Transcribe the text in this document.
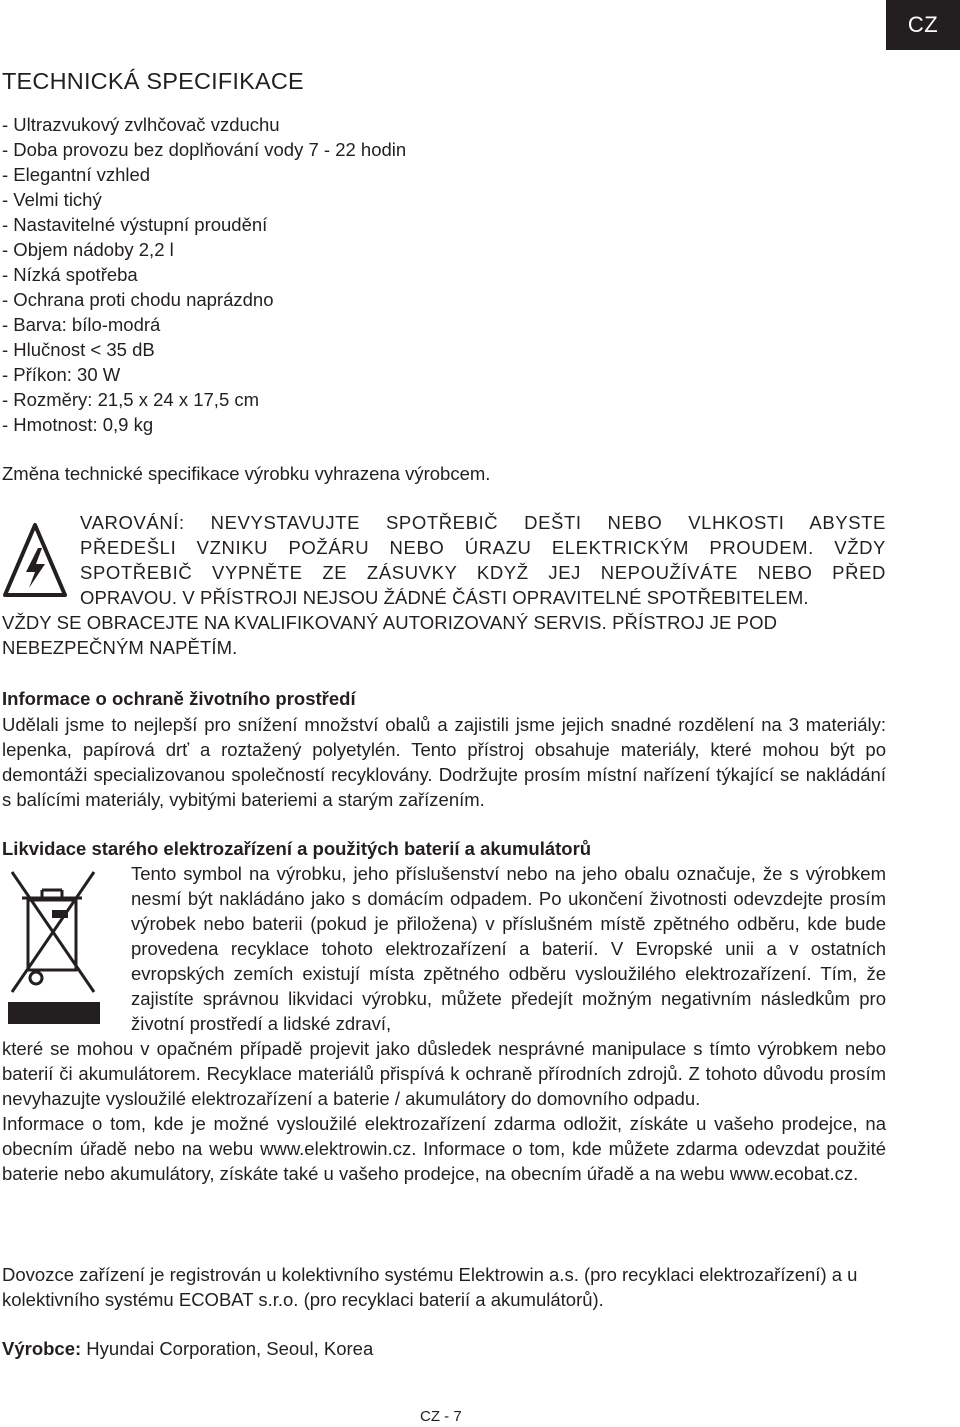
CZ
TECHNICKÁ SPECIFIKACE
- Ultrazvukový zvlhčovač vzduchu
- Doba provozu bez doplňování vody 7 - 22 hodin
- Elegantní vzhled
- Velmi tichý
- Nastavitelné výstupní proudění
- Objem nádoby 2,2 l
- Nízká spotřeba
- Ochrana proti chodu naprázdno
- Barva: bílo-modrá
- Hlučnost < 35 dB
- Příkon: 30 W
- Rozměry: 21,5 x 24 x 17,5 cm
- Hmotnost: 0,9 kg

Změna technické specifikace výrobku vyhrazena výrobcem.

VAROVÁNÍ: NEVYSTAVUJTE SPOTŘEBIČ DEŠTI NEBO VLHKOSTI ABYSTE
PŘEDEŠLI VZNIKU POŽÁRU NEBO ÚRAZU ELEKTRICKÝM PROUDEM. VŽDY
SPOTŘEBIČ VYPNĚTE ZE ZÁSUVKY KDYŽ JEJ NEPOUŽÍVÁTE NEBO PŘED
OPRAVOU. V PŘÍSTROJI NEJSOU ŽÁDNÉ ČÁSTI OPRAVITELNÉ SPOTŘEBITELEM.
VŽDY SE OBRACEJTE NA KVALIFIKOVANÝ AUTORIZOVANÝ SERVIS. PŘÍSTROJ JE POD
NEBEZPEČNÝM NAPĚTÍM.
Informace o ochraně životního prostředí

Udělali jsme to nejlepší pro snížení množství obalů a zajistili jsme jejich snadné rozdělení na 3 materiály: lepenka, papírová drť a roztažený polyetylén. Tento přístroj obsahuje materiály, které mohou být po demontáži specializovanou společností recyklovány. Dodržujte prosím místní nařízení týkající se nakládání s balícími materiály, vybitými bateriemi a starým zařízením.

Likvidace starého elektrozařízení a použitých baterií a akumulátorů

Tento symbol na výrobku, jeho příslušenství nebo na jeho obalu označuje, že s výrobkem nesmí být nakládáno jako s domácím odpadem. Po ukončení životnosti odevzdejte prosím výrobek nebo baterii (pokud je přiložena) v příslušném místě zpětného odběru, kde bude provedena recyklace tohoto elektrozařízení a baterií. V Evropské unii a v ostatních evropských zemích existují místa zpětného odběru vysloužilého elektrozařízení. Tím, že zajistíte správnou likvidaci výrobku, můžete předejít možným negativním následkům pro životní prostředí a lidské zdraví,

které se mohou v opačném případě projevit jako důsledek nesprávné manipulace s tímto výrobkem nebo baterií či akumulátorem. Recyklace materiálů přispívá k ochraně přírodních zdrojů. Z tohoto důvodu prosím nevyhazujte vysloužilé elektrozařízení a baterie / akumulátory do domovního odpadu.
Informace o tom, kde je možné vysloužilé elektrozařízení zdarma odložit, získáte u vašeho prodejce, na obecním úřadě nebo na webu www.elektrowin.cz. Informace o tom, kde můžete zdarma odevzdat použité baterie nebo akumulátory, získáte také u vašeho prodejce, na obecním úřadě a na webu www.ecobat.cz.

Dovozce zařízení je registrován u kolektivního systému Elektrowin a.s. (pro recyklaci elektrozařízení) a u kolektivního systému ECOBAT s.r.o. (pro recyklaci baterií a akumulátorů).

Výrobce: Hyundai Corporation, Seoul, Korea

CZ - 7
